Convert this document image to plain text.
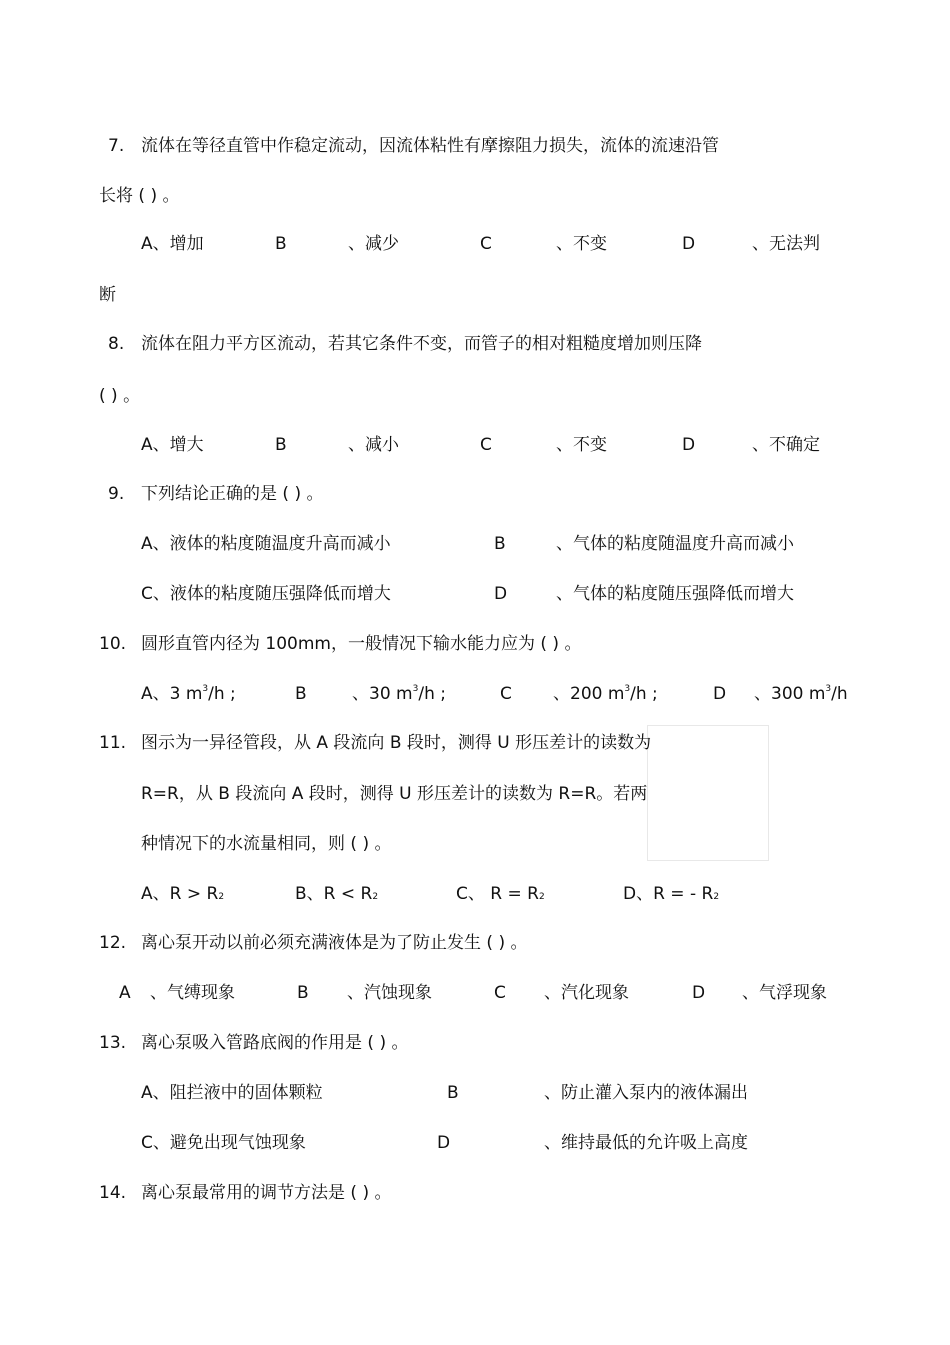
7. 流体在等径直管中作稳定流动，因流体粘性有摩擦阻力损失，流体的流速沿管
长将 ( ) 。
A、增加	B	、减少	C	、不变	D	、无法判
断
8. 流体在阻力平方区流动，若其它条件不变，而管子的相对粗糙度增加则压降
( ) 。
A、增大	B	、减小	C	、不变	D	、不确定
9. 下列结论正确的是 ( ) 。
A、液体的粘度随温度升高而减小	B	、气体的粘度随温度升高而减小
C、液体的粘度随压强降低而增大	D	、气体的粘度随压强降低而增大
10. 圆形直管内径为 100mm，一般情况下输水能力应为 ( ) 。
A、3 $m^3/h$ ;	B	、30 $m^3/h$ ;	C 、200 $m^3/h$ ;	D 、300 $m^3/h$
11. 图示为一异径管段，从 A 段流向 B 段时，测得 U 形压差计的读数为
R=R，从 B 段流向 A 段时，测得 U 形压差计的读数为 R=R。若两
种情况下的水流量相同，则 ( ) 。
A、R > R2	B、R < R2	C、 R = R2	D、R = - R2
12. 离心泵开动以前必须充满液体是为了防止发生 ( ) 。
A 、气缚现象	B 、汽蚀现象	C 、汽化现象	D 、气浮现象
13. 离心泵吸入管路底阀的作用是 ( ) 。
A、阻拦液中的固体颗粒	B	、防止灌入泵内的液体漏出
C、避免出现气蚀现象	D	、维持最低的允许吸上高度
14. 离心泵最常用的调节方法是 ( ) 。
